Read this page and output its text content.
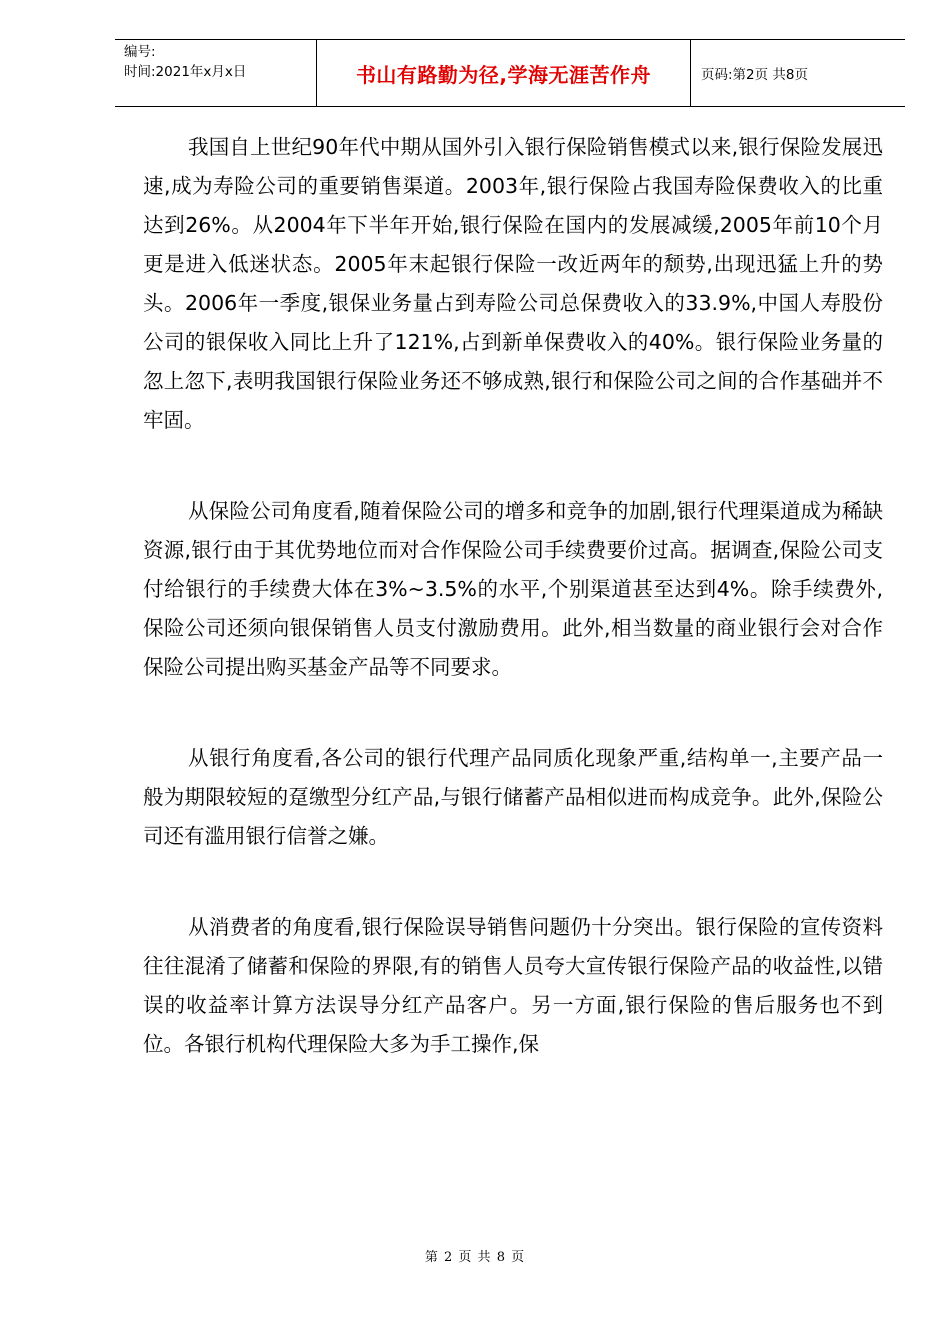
编号:
时间:2021年x月x日	书山有路勤为径,学海无涯苦作舟	页码:第2页 共8页

我国自上世纪90年代中期从国外引入银行保险销售模式以来,银行保险发展迅速,成为寿险公司的重要销售渠道。2003年,银行保险占我国寿险保费收入的比重达到26%。从2004年下半年开始,银行保险在国内的发展减缓,2005年前10个月更是进入低迷状态。2005年末起银行保险一改近两年的颓势,出现迅猛上升的势头。2006年一季度,银保业务量占到寿险公司总保费收入的33.9%,中国人寿股份公司的银保收入同比上升了121%,占到新单保费收入的40%。银行保险业务量的忽上忽下,表明我国银行保险业务还不够成熟,银行和保险公司之间的合作基础并不牢固。

从保险公司角度看,随着保险公司的增多和竞争的加剧,银行代理渠道成为稀缺资源,银行由于其优势地位而对合作保险公司手续费要价过高。据调查,保险公司支付给银行的手续费大体在3%~3.5%的水平,个别渠道甚至达到4%。除手续费外,保险公司还须向银保销售人员支付激励费用。此外,相当数量的商业银行会对合作保险公司提出购买基金产品等不同要求。

从银行角度看,各公司的银行代理产品同质化现象严重,结构单一,主要产品一般为期限较短的趸缴型分红产品,与银行储蓄产品相似进而构成竞争。此外,保险公司还有滥用银行信誉之嫌。

从消费者的角度看,银行保险误导销售问题仍十分突出。银行保险的宣传资料往往混淆了储蓄和保险的界限,有的销售人员夸大宣传银行保险产品的收益性,以错误的收益率计算方法误导分红产品客户。另一方面,银行保险的售后服务也不到位。各银行机构代理保险大多为手工操作,保

第 2 页 共 8 页
